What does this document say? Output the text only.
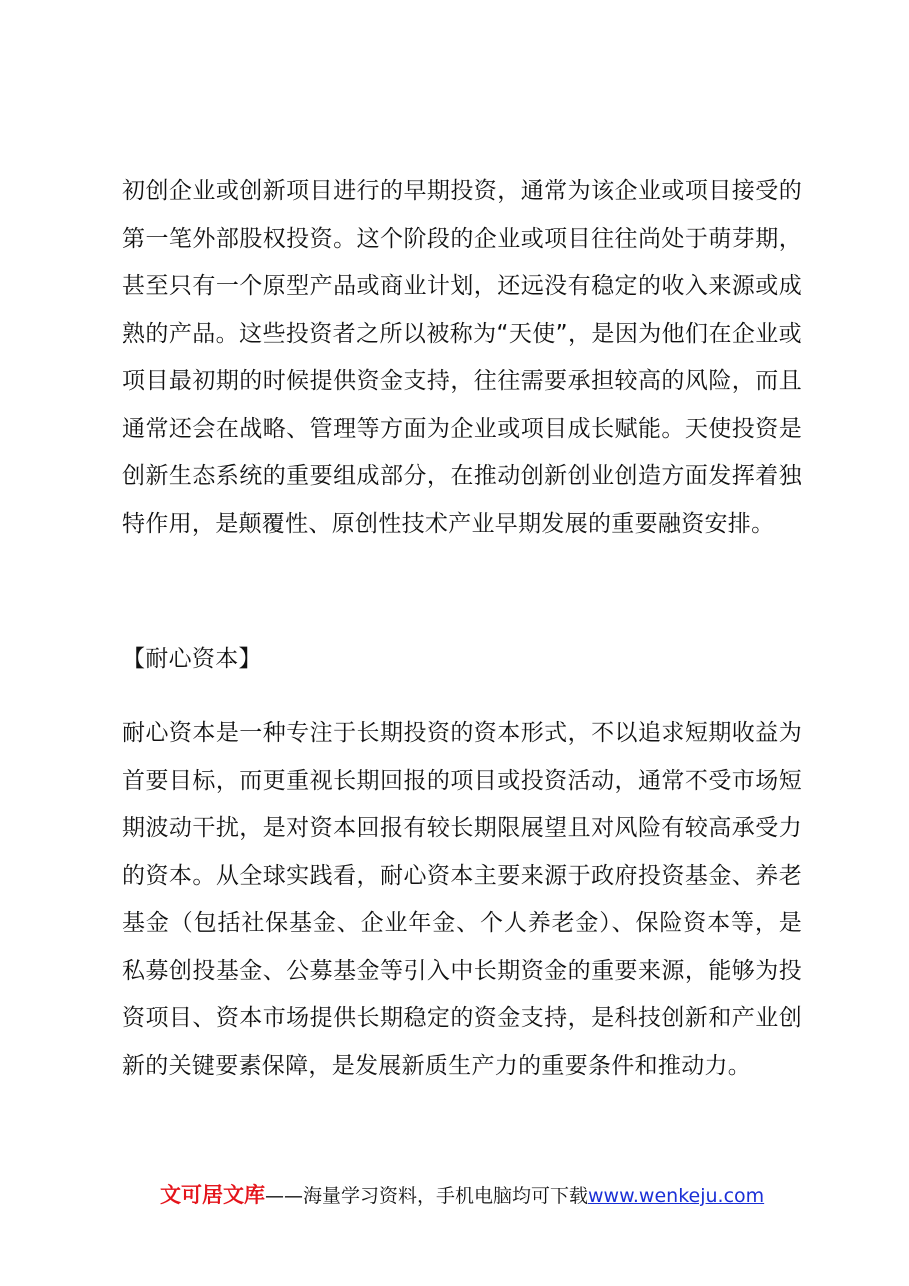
初创企业或创新项目进行的早期投资，通常为该企业或项目接受的第一笔外部股权投资。这个阶段的企业或项目往往尚处于萌芽期，甚至只有一个原型产品或商业计划，还远没有稳定的收入来源或成熟的产品。这些投资者之所以被称为“天使”，是因为他们在企业或项目最初期的时候提供资金支持，往往需要承担较高的风险，而且通常还会在战略、管理等方面为企业或项目成长赋能。天使投资是创新生态系统的重要组成部分，在推动创新创业创造方面发挥着独特作用，是颠覆性、原创性技术产业早期发展的重要融资安排。

【耐心资本】

耐心资本是一种专注于长期投资的资本形式，不以追求短期收益为首要目标，而更重视长期回报的项目或投资活动，通常不受市场短期波动干扰，是对资本回报有较长期限展望且对风险有较高承受力的资本。从全球实践看，耐心资本主要来源于政府投资基金、养老基金（包括社保基金、企业年金、个人养老金）、保险资本等，是私募创投基金、公募基金等引入中长期资金的重要来源，能够为投资项目、资本市场提供长期稳定的资金支持，是科技创新和产业创新的关键要素保障，是发展新质生产力的重要条件和推动力。

文可居文库——海量学习资料，手机电脑均可下载www.wenkeju.com
